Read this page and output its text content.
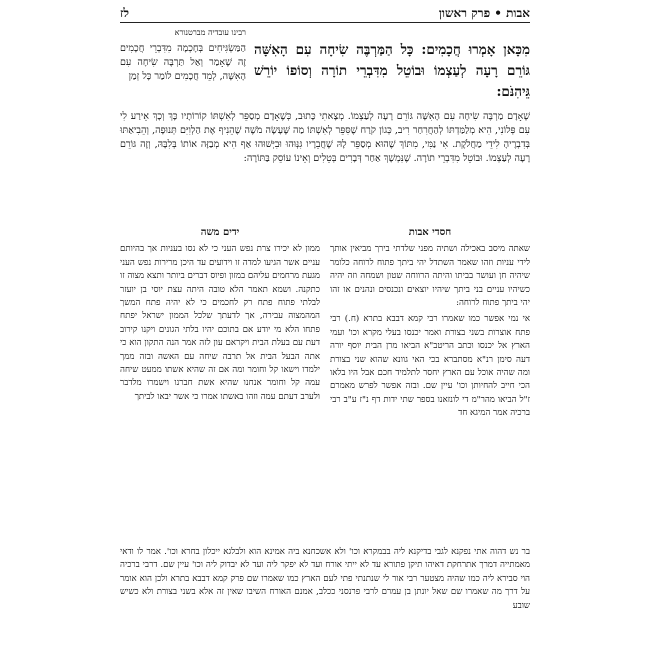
אבות • פרק ראשון
לז
רבינו עובדיה מברטנורא
הַמַּשְׂגִּיחִים בְּחָכְמָה מִדִּבְרֵי חֲכָמִים זֶה שֶׁאָמַר וְאַל תַּרְבֶּה שִׂיחָה עִם הָאִשָּׁה, לְמֵד חֲכָמִים לוֹמַר כָּל זְמַן
מִכָּאן אָמְרוּ חֲכָמִים: כָּל הַמַּרְבֶּה שִׂיחָה עִם הָאִשָּׁה גּוֹרֵם רָעָה לְעַצְמוֹ וּבוֹטֵל מִדִּבְרֵי תוֹרָה וְסוֹפוֹ יוֹרֵשׁ גֵּיהִנֹּם:
שֶׁאָדָם מַרְבֶּה שִׂיחָה עִם הָאִשָּׁה גּוֹרֵם רָעָה לְעַצְמוֹ. מְצָאתִי כָּתוּב, כְּשֶׁאָדָם מְסַפֵּר לְאִשְׁתּוֹ קוֹרוֹתָיו כָּךְ וְכָךְ אֵירַע לִי עִם פְּלוֹנִי, הִיא מְלַמַּדְתּוֹ לְהַחֲרִחַר רִיב, כְּגוֹן קֹרַח שֶׁסִּפֵּר לְאִשְׁתּוֹ מַה שֶּׁעָשָׂה מֹשֶׁה שֶׁהֵנִיף אֶת הַלְוִיִּם תְּנוּפָה, וְהֵבִיאַתּוּ בְּדִבְרֶיהָ לִידֵי מַחֲלֹקֶת. אִי נַמִּי, מִתּוֹךְ שֶׁהוּא מְסַפֵּר לָהּ שֶׁחֲבֵרָיו גִּנְּוּהוּ וּבִיְּשׁוּהוּ אַף הִיא מְבַזָּה אוֹתוֹ בְּלִבָּהּ, וְזֶה גּוֹרֵם רָעָה לְעַצְמוֹ. וּבוֹטֵל מִדִּבְרֵי תוֹרָה. שֶׁנִּמְשָׁךְ אַחַר דְּבָרִים בְּטֵלִים וְאֵינוֹ עוֹסֵק בַּתּוֹרָה:
חסדי אבות

שאתה מיסב באכילה ושתיה מפני שלדתי בירך מביאין אותך לידי עניות וזהו שאמר השתדל יהי ביתך פתוח לרוחה כלומר שיהיה חן ועושר בביתו והיתה הרווחה שטון ושמחה וזה יהיה כשיהיו עניים בני ביתך שיהיו יוצאים ונכנסים ונהנים או זהו יהי ביתך פתוח לרוחה:

אי נמי אפשר כמו שאמרו רבי קמא דבבא בתרא (ח.) רבי פתח אוצרות בשני בצורת ואמר יכנסו בעלי מקרא וכו' ועמי הארץ אל יכנסו וכתב הריטב"א הביאו מרן הבית יוסף יורה דעה סימן רנ"א מסתברא בכי האי גוונא שהוא שני בצורת ומה שהיה אוכל עם הארץ יחסר לתלמיד חכם אבל היו בלאו הכי חייב להחיותן וכו' עיין שם. ובזה אפשר לפרש מאמרם ז"ל הביאו מהר"מ די לונזאנו בספר שתי ידות דף נ"ז ע"ב רבי ברכיה אמר המיגא חד

ידים משה

ממון לא יכירו צרת נפש העני כי לא נסו בעניות אך בהיותם עניים אשר הגיעו למדה זו וידועים עד היכן מרירות נפש העני מגעת מרחמים עליהם במזון ופיוס דברים ביותר ותצא מצוה זו כתקנה. ושמא תאמר הלא טובה היתה עצת יוסי בן יועזר לבלתי פתוח פתח רק לחכמים כי לא יהיה פתח המשך המהמצוה עבירה, אך לדעתך שלכל הממון ישראל יפתח פתחו הלא מי יודע אם בתוכם יהיו בלתי הגונים ויקנו קירוב דעת עם בעלת הבית ויקראם עון לזה אמר הנה התקון הוא כי אתה הבעל הבית אל תרבה שיחה עם האשה ובזה ממך ילמדו וישאו קל וחומר ומה אם זה שהיא אשתו ממעט שיחה עמה קל וחומר אנחנו שהיא אשת חברנו וישמרו מלדבר ולערב דעתם עמה וזהו באשתו אמרו כי אשר יבאו לביתך

בר נש דהוה אתי נפקנא לגבי בדיקנא ליה בבמקרא וכו' ולא אשכחנא ביה אמינא הוא ולבלגא ייכלון בחרא וכו'. אמר לו ודאי מאמתייה דמרך אתרחקת דאיהו תיקן פתורא עד לא ייתי אורח ועד לא יפקר ליה ועד לא יבדוק ליה וכו' עיין שם. דרבי ברכיה הוי סבירא ליה כמו שהיה מצטער רבי אור לי שנתנתי פתי לעם הארץ כמו שאמרו שם פרק קמא דבבא בתרא ולכן הוא אומר על דרך מה שאמרו שם שאל יונתן בן עמרם לרבי פרנסני ככלב, אמנם האורח השיבו שאין זה אלא בשני בצורת ולא כשיש שובע
